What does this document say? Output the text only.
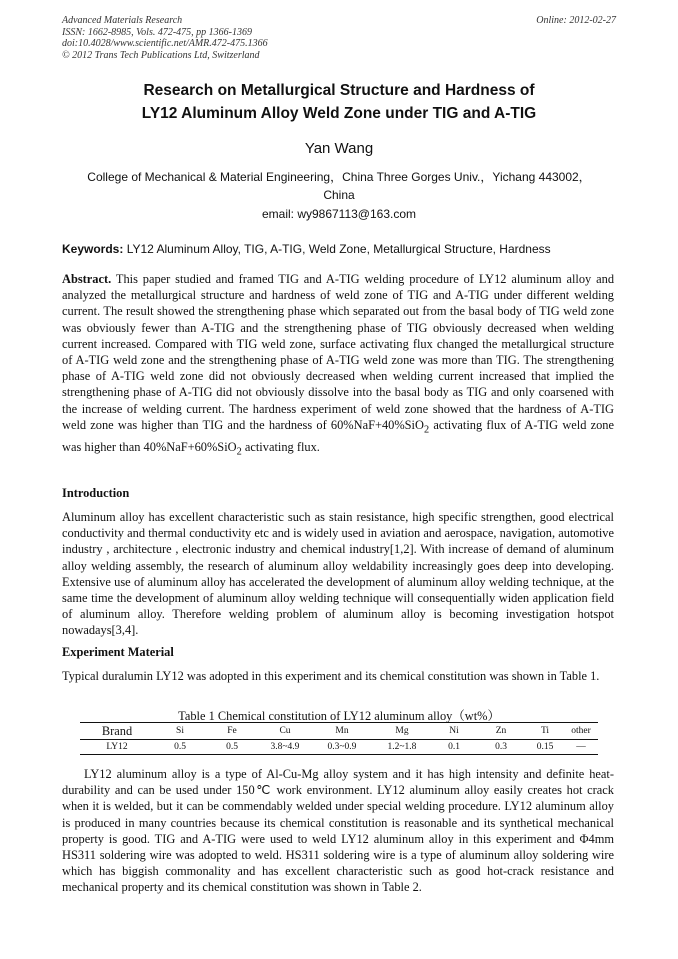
Advanced Materials Research
ISSN: 1662-8985, Vols. 472-475, pp 1366-1369
doi:10.4028/www.scientific.net/AMR.472-475.1366
© 2012 Trans Tech Publications Ltd, Switzerland
Online: 2012-02-27
Research on Metallurgical Structure and Hardness of
LY12 Aluminum Alloy Weld Zone under TIG and A-TIG
Yan Wang
College of Mechanical & Material Engineering，China Three Gorges Univ.，Yichang 443002，
China
email: wy9867113@163.com
Keywords: LY12 Aluminum Alloy, TIG, A-TIG, Weld Zone, Metallurgical Structure, Hardness
Abstract. This paper studied and framed TIG and A-TIG welding procedure of LY12 aluminum alloy and analyzed the metallurgical structure and hardness of weld zone of TIG and A-TIG under different welding current. The result showed the strengthening phase which separated out from the basal body of TIG weld zone was obviously fewer than A-TIG and the strengthening phase of TIG obviously decreased when welding current increased. Compared with TIG weld zone, surface activating flux changed the metallurgical structure of A-TIG weld zone and the strengthening phase of A-TIG weld zone was more than TIG. The strengthening phase of A-TIG weld zone did not obviously decreased when welding current increased that implied the strengthening phase of A-TIG did not obviously dissolve into the basal body as TIG and only coarsened with the increase of welding current. The hardness experiment of weld zone showed that the hardness of A-TIG weld zone was higher than TIG and the hardness of 60%NaF+40%SiO$_2$ activating flux of A-TIG weld zone was higher than 40%NaF+60%SiO$_2$ activating flux.
Introduction
Aluminum alloy has excellent characteristic such as stain resistance, high specific strengthen, good electrical conductivity and thermal conductivity etc and is widely used in aviation and aerospace, navigation, automotive industry , architecture , electronic industry and chemical industry[1,2]. With increase of demand of aluminum alloy welding assembly, the research of aluminum alloy weldability increasingly goes deep into developing. Extensive use of aluminum alloy has accelerated the development of aluminum alloy welding technique, at the same time the development of aluminum alloy welding technique will consequentially widen application field of aluminum alloy. Therefore welding problem of aluminum alloy is becoming investigation hotspot nowadays[3,4].
Experiment Material
Typical duralumin LY12 was adopted in this experiment and its chemical constitution was shown in Table 1.
Table 1 Chemical constitution of LY12 aluminum alloy（wt%）
Brand	Si	Fe	Cu	Mn	Mg	Ni	Zn	Ti	other
LY12	0.5	0.5	3.8~4.9	0.3~0.9	1.2~1.8	0.1	0.3	0.15	—
LY12 aluminum alloy is a type of Al-Cu-Mg alloy system and it has high intensity and definite heat-durability and can be used under 150℃ work environment. LY12 aluminum alloy easily creates hot crack when it is welded, but it can be commendably welded under special welding procedure. LY12 aluminum alloy is produced in many countries because its chemical constitution is reasonable and its synthetical mechanical property is good. TIG and A-TIG were used to weld LY12 aluminum alloy in this experiment and Φ4mm HS311 soldering wire was adopted to weld. HS311 soldering wire is a type of aluminum alloy soldering wire which has biggish commonality and has excellent characteristic such as good hot-crack resistance and mechanical property and its chemical constitution was shown in Table 2.
